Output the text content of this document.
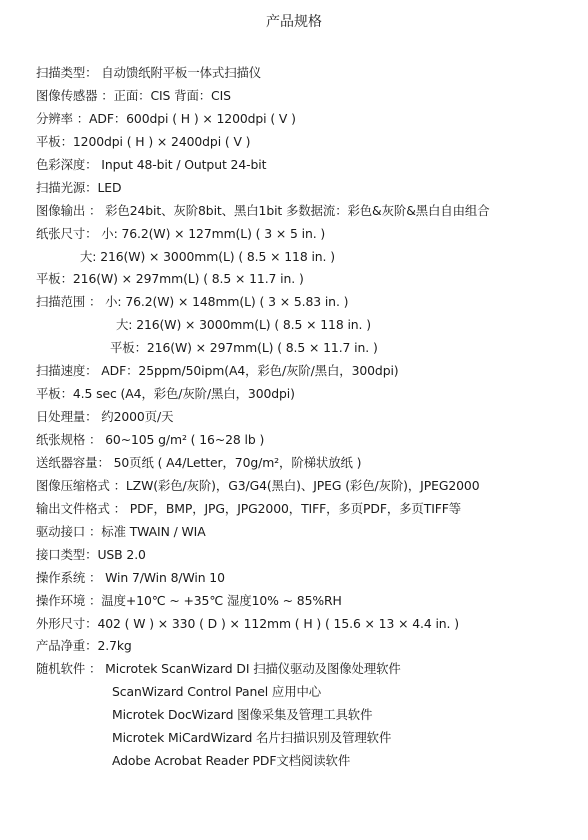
产品规格
扫描类型： 自动馈纸附平板一体式扫描仪
图像传感器 ：正面：CIS 背面：CIS
分辨率 ：ADF：600dpi ( H ) × 1200dpi ( V )
平板：1200dpi ( H ) × 2400dpi ( V )
色彩深度： Input 48-bit / Output 24-bit
扫描光源：LED
图像输出 ： 彩色24bit、灰阶8bit、黑白1bit 多数据流：彩色&灰阶&黑白自由组合
纸张尺寸： 小: 76.2(W) × 127mm(L) ( 3 × 5 in. )
大: 216(W) × 3000mm(L) ( 8.5 × 118 in. )
平板：216(W) × 297mm(L) ( 8.5 × 11.7 in. )
扫描范围 ： 小: 76.2(W) × 148mm(L) ( 3 × 5.83 in. )
大: 216(W) × 3000mm(L) ( 8.5 × 118 in. )
平板：216(W) × 297mm(L) ( 8.5 × 11.7 in. )
扫描速度： ADF：25ppm/50ipm(A4，彩色/灰阶/黑白，300dpi)
平板：4.5 sec (A4，彩色/灰阶/黑白，300dpi)
日处理量： 约2000页/天
纸张规格 ： 60~105 g/m² ( 16~28 lb )
送纸器容量： 50页纸 ( A4/Letter，70g/m²，阶梯状放纸 )
图像压缩格式 ：LZW(彩色/灰阶)，G3/G4(黑白)、JPEG (彩色/灰阶)，JPEG2000
输出文件格式 ： PDF，BMP，JPG，JPG2000，TIFF，多页PDF，多页TIFF等
驱动接口 ：标准 TWAIN / WIA
接口类型：USB 2.0
操作系统 ： Win 7/Win 8/Win 10
操作环境 ：温度+10℃ ~ +35℃ 湿度10% ~ 85%RH
外形尺寸：402 ( W ) × 330 ( D ) × 112mm ( H ) ( 15.6 × 13 × 4.4 in. )
产品净重：2.7kg
随机软件 ： Microtek ScanWizard DI 扫描仪驱动及图像处理软件
ScanWizard Control Panel 应用中心
Microtek DocWizard 图像采集及管理工具软件
Microtek MiCardWizard 名片扫描识别及管理软件
Adobe Acrobat Reader PDF文档阅读软件
